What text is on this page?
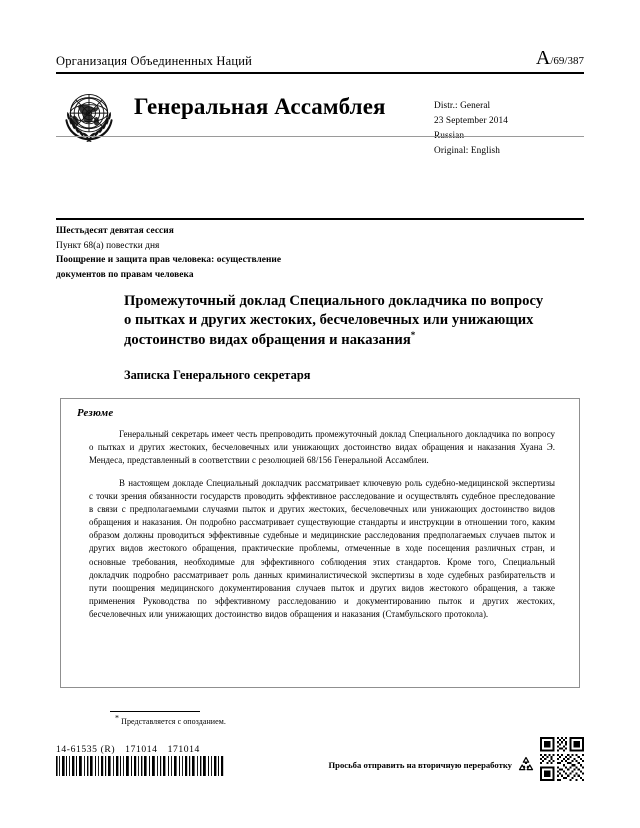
Организация Объединенных Наций	A/69/387
Генеральная Ассамблея	Distr.: General
23 September 2014
Russian
Original: English
Шестьдесят девятая сессия
Пункт 68(a) повестки дня
Поощрение и защита прав человека: осуществление
документов по правам человека
Промежуточный доклад Специального докладчика по вопросу о пытках и других жестоких, бесчеловечных или унижающих достоинство видах обращения и наказания*
Записка Генерального секретаря
Резюме

Генеральный секретарь имеет честь препроводить промежуточный доклад Специального докладчика по вопросу о пытках и других жестоких, бесчеловечных или унижающих достоинство видах обращения и наказания Хуана Э. Мендеса, представленный в соответствии с резолюцией 68/156 Генеральной Ассамблеи.

В настоящем докладе Специальный докладчик рассматривает ключевую роль судебно-медицинской экспертизы с точки зрения обязанности государств проводить эффективное расследование и осуществлять судебное преследование в связи с предполагаемыми случаями пыток и других жестоких, бесчеловечных или унижающих достоинство видов обращения и наказания. Он подробно рассматривает существующие стандарты и инструкции в отношении того, каким образом должны проводиться эффективные судебные и медицинские расследования предполагаемых случаев пыток и других видов жестокого обращения, практические проблемы, отмеченные в ходе посещения различных стран, и основные требования, необходимые для эффективного соблюдения этих стандартов. Кроме того, Специальный докладчик подробно рассматривает роль данных криминалистической экспертизы в ходе судебных разбирательств и пути поощрения медицинского документирования случаев пыток и других видов жестокого обращения, а также применения Руководства по эффективному расследованию и документированию пыток и других жестоких, бесчеловечных или унижающих достоинство видов обращения и наказания (Стамбульского протокола).

* Представляется с опозданием.
14-61535 (R) 171014 171014
Просьба отправить на вторичную переработку
